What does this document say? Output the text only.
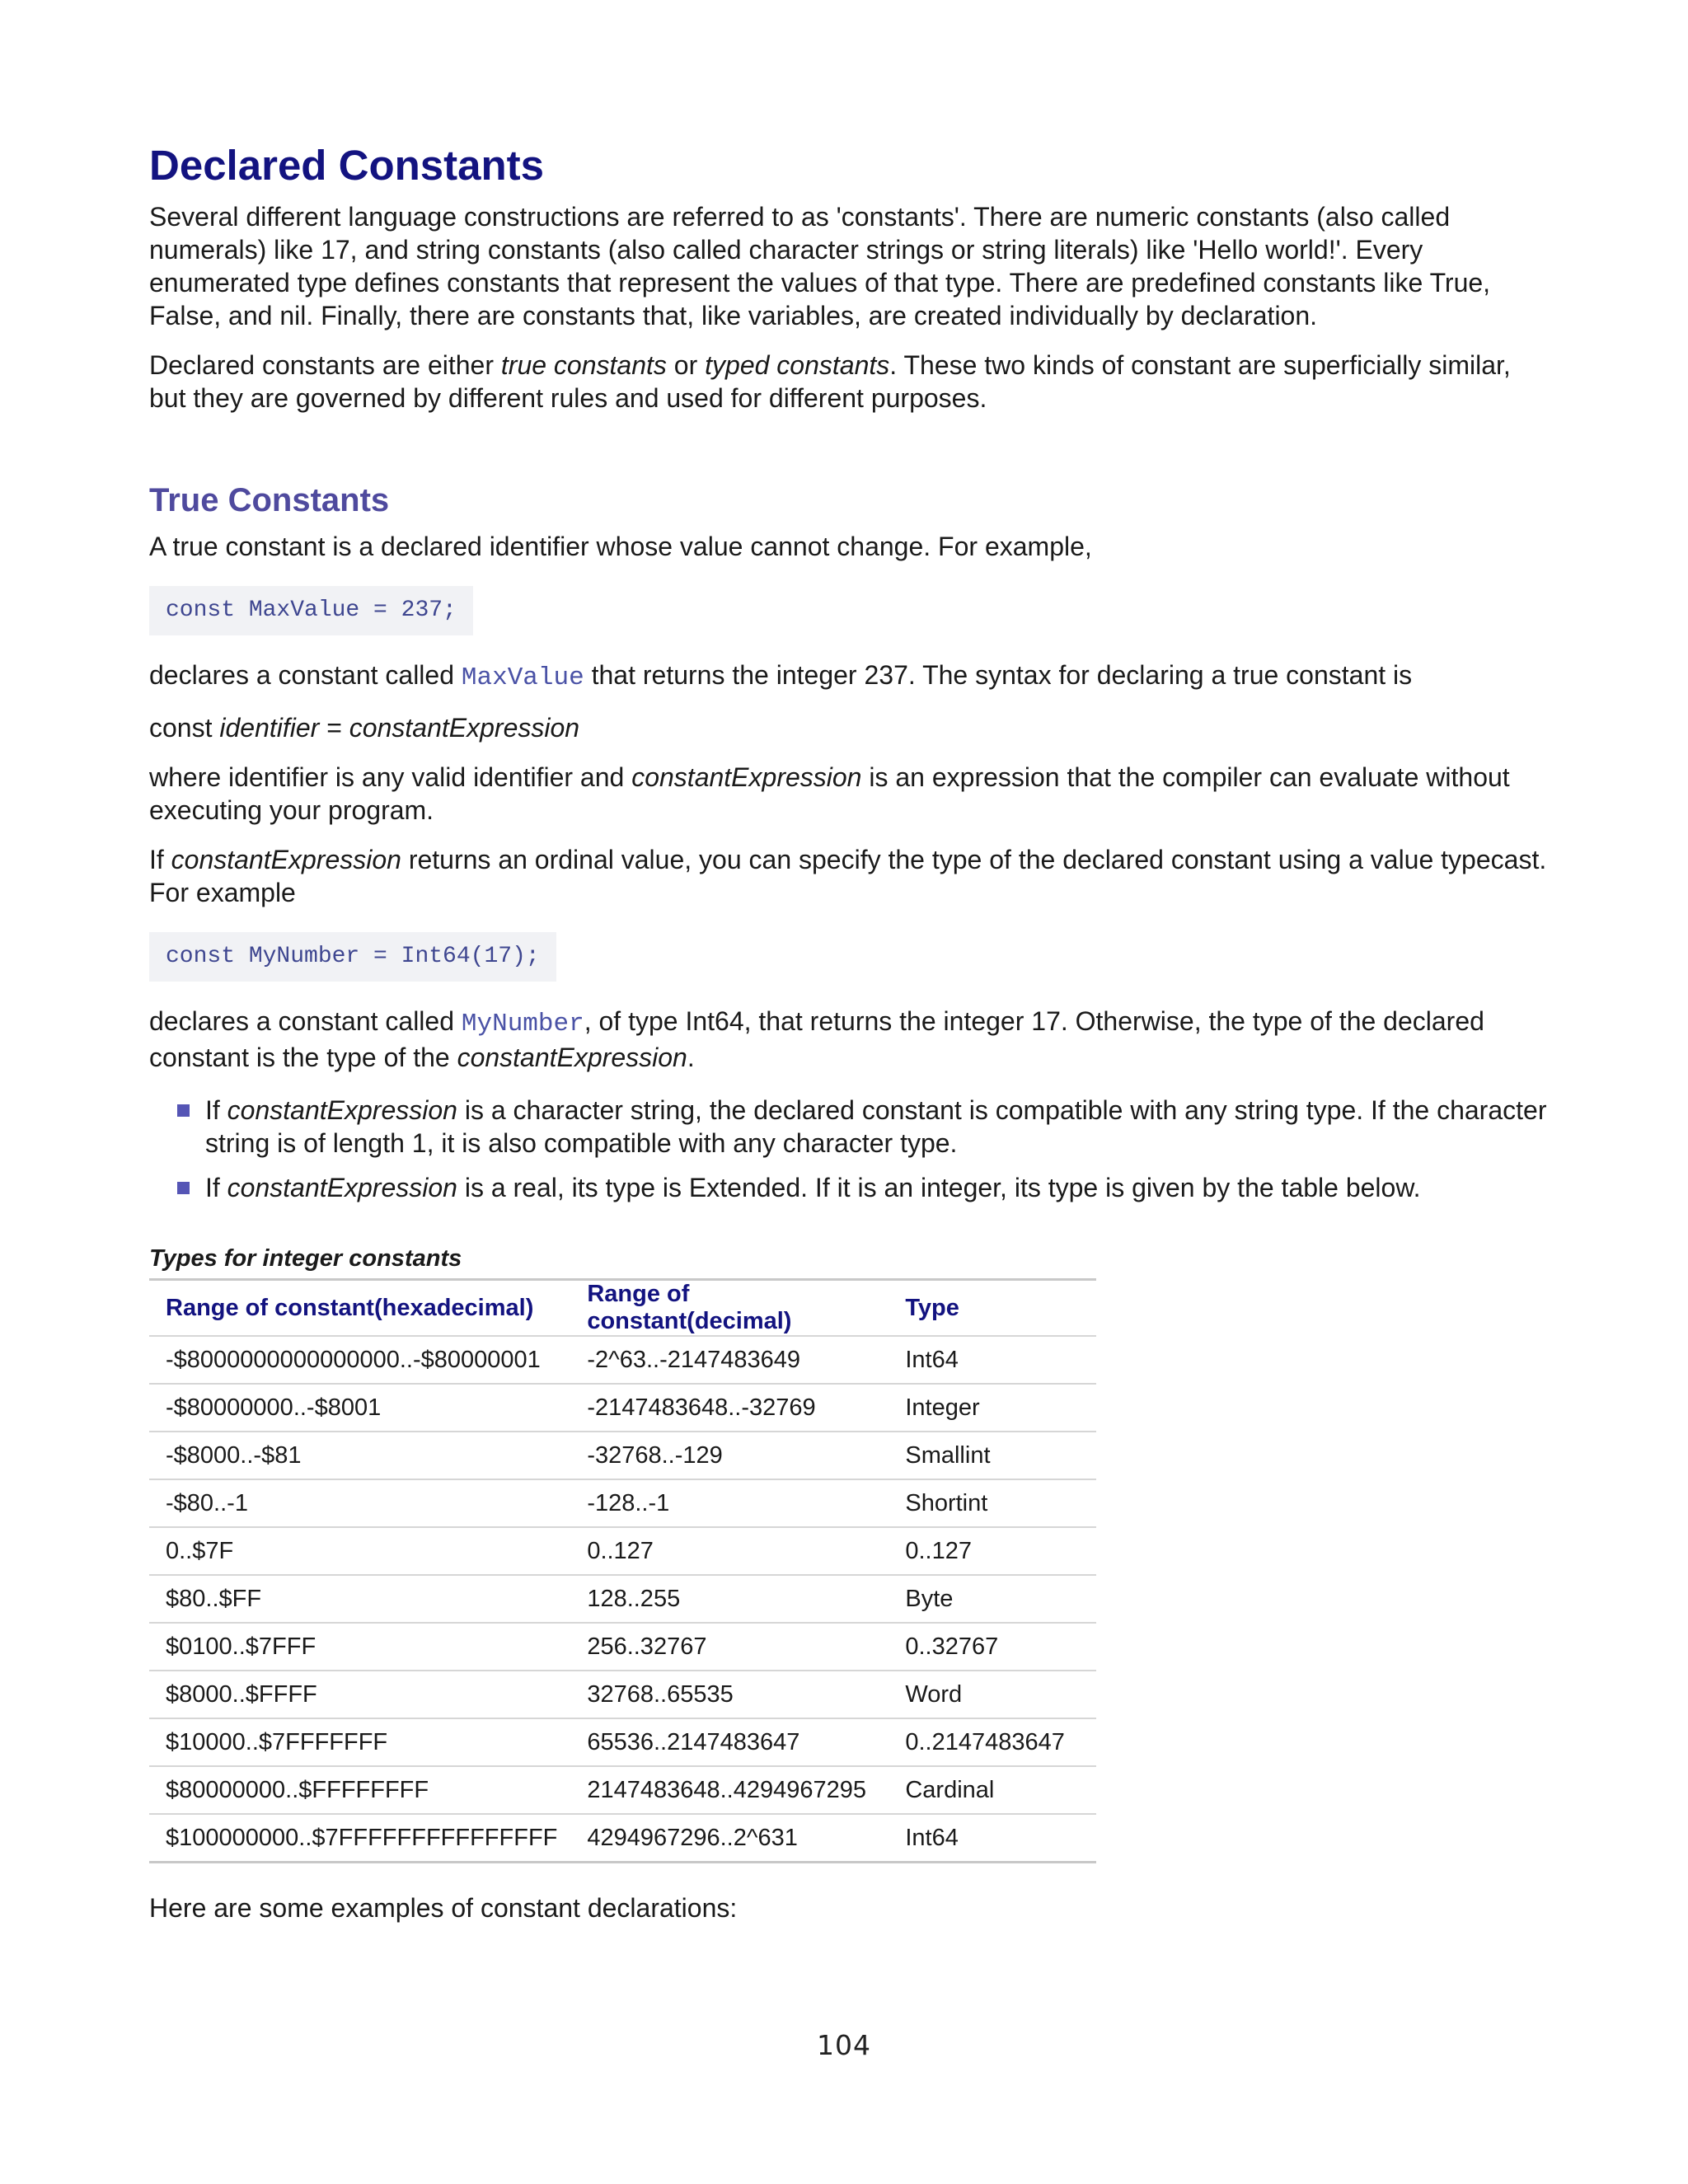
Declared Constants

Several different language constructions are referred to as 'constants'. There are numeric constants (also called numerals) like 17, and string constants (also called character strings or string literals) like 'Hello world!'. Every enumerated type defines constants that represent the values of that type. There are predefined constants like True, False, and nil. Finally, there are constants that, like variables, are created individually by declaration.

Declared constants are either true constants or typed constants. These two kinds of constant are superficially similar, but they are governed by different rules and used for different purposes.

True Constants

A true constant is a declared identifier whose value cannot change. For example,

const MaxValue = 237;

declares a constant called MaxValue that returns the integer 237. The syntax for declaring a true constant is

const identifier = constantExpression

where identifier is any valid identifier and constantExpression is an expression that the compiler can evaluate without executing your program.

If constantExpression returns an ordinal value, you can specify the type of the declared constant using a value typecast. For example

const MyNumber = Int64(17);

declares a constant called MyNumber, of type Int64, that returns the integer 17. Otherwise, the type of the declared constant is the type of the constantExpression.

If constantExpression is a character string, the declared constant is compatible with any string type. If the character string is of length 1, it is also compatible with any character type.
If constantExpression is a real, its type is Extended. If it is an integer, its type is given by the table below.
Types for integer constants
Range of constant(hexadecimal)	Range of constant(decimal)	Type
-$8000000000000000..-$80000001	-2^63..-2147483649	Int64
-$80000000..-$8001	-2147483648..-32769	Integer
-$8000..-$81	-32768..-129	Smallint
-$80..-1	-128..-1	Shortint
0..$7F	0..127	0..127
$80..$FF	128..255	Byte
$0100..$7FFF	256..32767	0..32767
$8000..$FFFF	32768..65535	Word
$10000..$7FFFFFFF	65536..2147483647	0..2147483647
$80000000..$FFFFFFFF	2147483648..4294967295	Cardinal
$100000000..$7FFFFFFFFFFFFFFF	4294967296..2^631	Int64

Here are some examples of constant declarations:

104
